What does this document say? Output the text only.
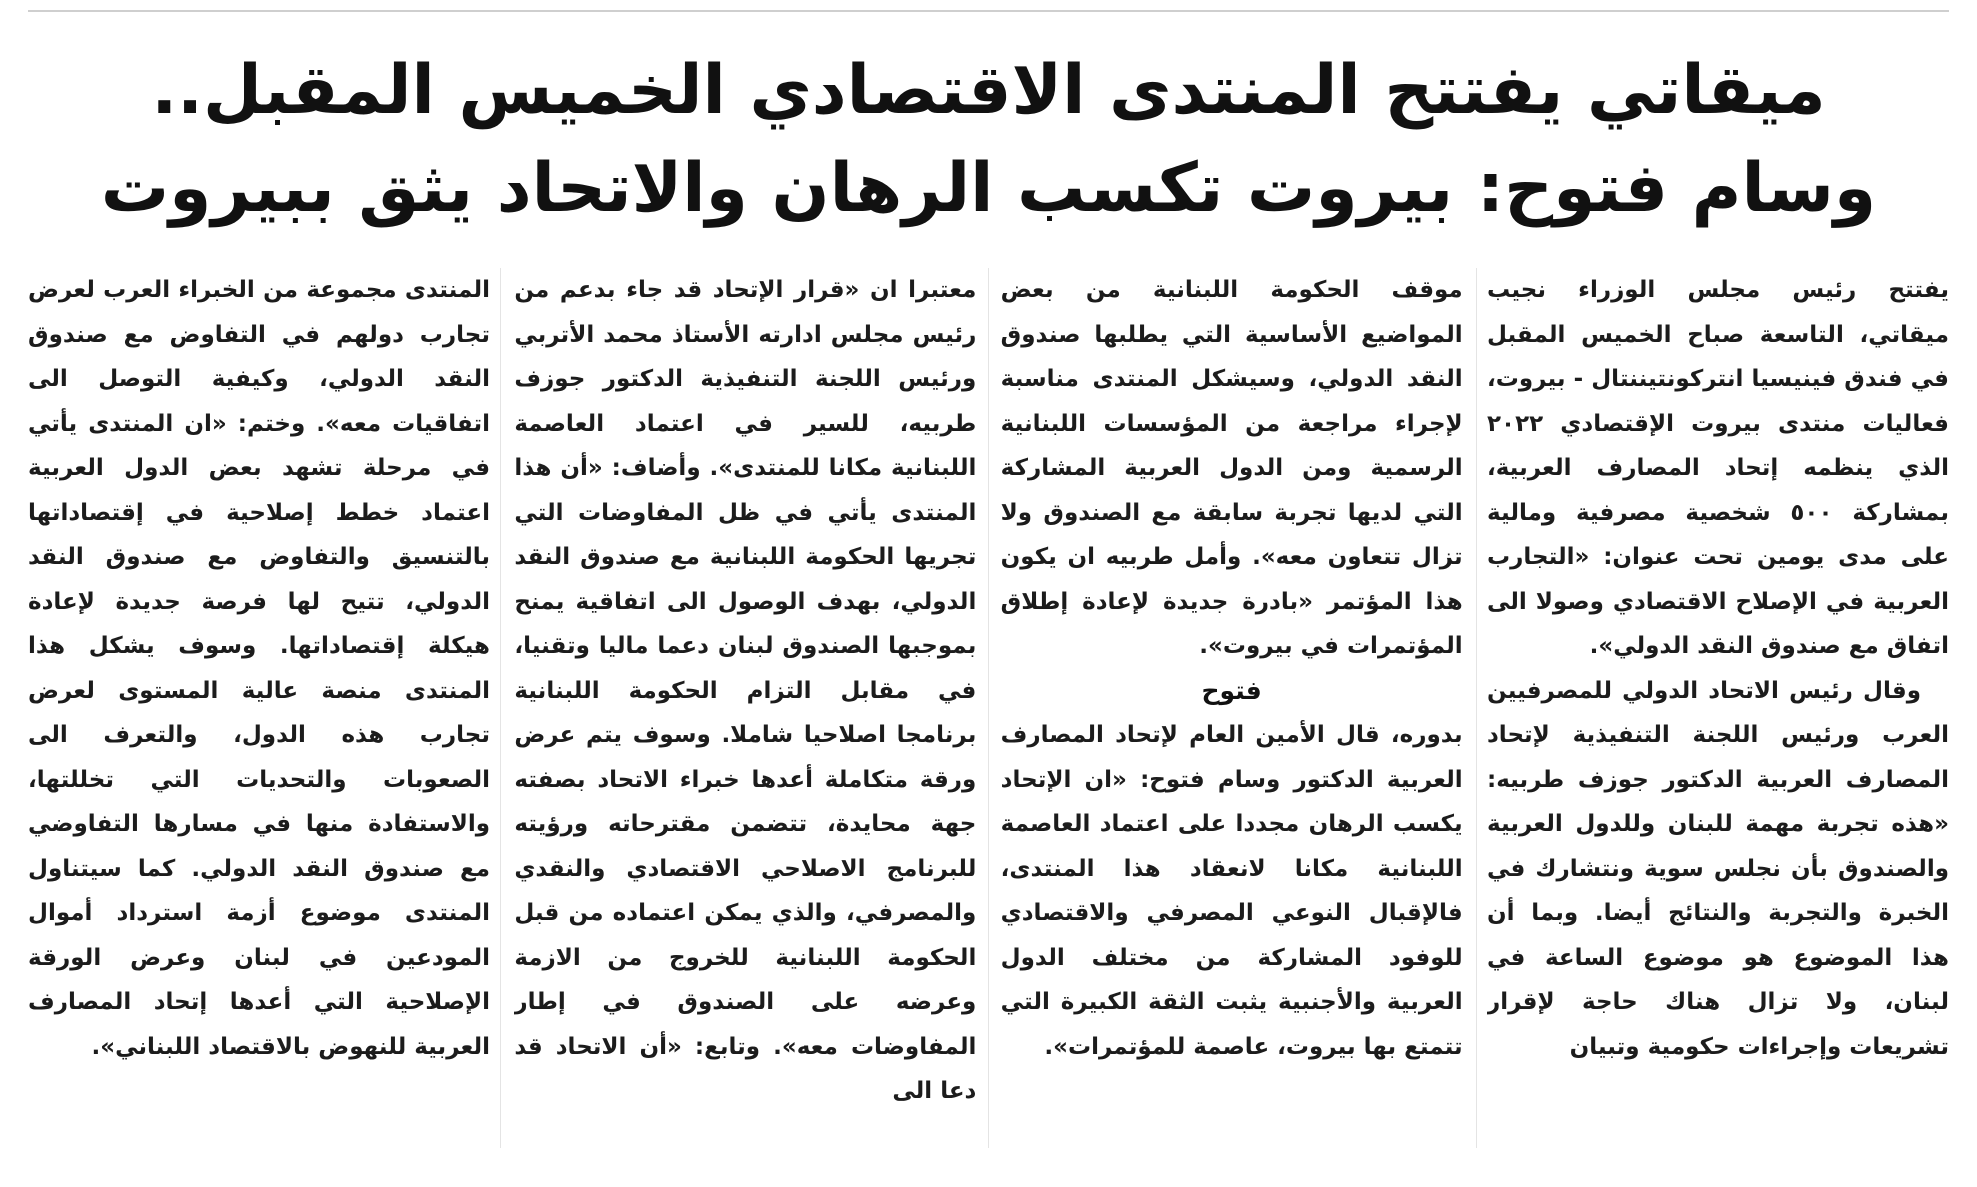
ميقاتي يفتتح المنتدى الاقتصادي الخميس المقبل..
وسام فتوح: بيروت تكسب الرهان والاتحاد يثق ببيروت

يفتتح رئيس مجلس الوزراء نجيب ميقاتي، التاسعة صباح الخميس المقبل في فندق فينيسيا انتركونتيننتال - بيروت، فعاليات منتدى بيروت الإقتصادي ٢٠٢٢ الذي ينظمه إتحاد المصارف العربية، بمشاركة ٥٠٠ شخصية مصرفية ومالية على مدى يومين تحت عنوان: «التجارب العربية في الإصلاح الاقتصادي وصولا الى اتفاق مع صندوق النقد الدولي».

وقال رئيس الاتحاد الدولي للمصرفيين العرب ورئيس اللجنة التنفيذية لإتحاد المصارف العربية الدكتور جوزف طربيه: «هذه تجربة مهمة للبنان وللدول العربية والصندوق بأن نجلس سوية ونتشارك في الخبرة والتجربة والنتائج أيضا. وبما أن هذا الموضوع هو موضوع الساعة في لبنان، ولا تزال هناك حاجة لإقرار تشريعات وإجراءات حكومية وتبيان

موقف الحكومة اللبنانية من بعض المواضيع الأساسية التي يطلبها صندوق النقد الدولي، وسيشكل المنتدى مناسبة لإجراء مراجعة من المؤسسات اللبنانية الرسمية ومن الدول العربية المشاركة التي لديها تجربة سابقة مع الصندوق ولا تزال تتعاون معه». وأمل طربيه ان يكون هذا المؤتمر «بادرة جديدة لإعادة إطلاق المؤتمرات في بيروت».

فتوح

بدوره، قال الأمين العام لإتحاد المصارف العربية الدكتور وسام فتوح: «ان الإتحاد يكسب الرهان مجددا على اعتماد العاصمة اللبنانية مكانا لانعقاد هذا المنتدى، فالإقبال النوعي المصرفي والاقتصادي للوفود المشاركة من مختلف الدول العربية والأجنبية يثبت الثقة الكبيرة التي تتمتع بها بيروت، عاصمة للمؤتمرات».

معتبرا ان «قرار الإتحاد قد جاء بدعم من رئيس مجلس ادارته الأستاذ محمد الأتربي ورئيس اللجنة التنفيذية الدكتور جوزف طربيه، للسير في اعتماد العاصمة اللبنانية مكانا للمنتدى». وأضاف: «أن هذا المنتدى يأتي في ظل المفاوضات التي تجريها الحكومة اللبنانية مع صندوق النقد الدولي، بهدف الوصول الى اتفاقية يمنح بموجبها الصندوق لبنان دعما ماليا وتقنيا، في مقابل التزام الحكومة اللبنانية برنامجا اصلاحيا شاملا. وسوف يتم عرض ورقة متكاملة أعدها خبراء الاتحاد بصفته جهة محايدة، تتضمن مقترحاته ورؤيته للبرنامج الاصلاحي الاقتصادي والنقدي والمصرفي، والذي يمكن اعتماده من قبل الحكومة اللبنانية للخروج من الازمة وعرضه على الصندوق في إطار المفاوضات معه». وتابع: «أن الاتحاد قد دعا الى

المنتدى مجموعة من الخبراء العرب لعرض تجارب دولهم في التفاوض مع صندوق النقد الدولي، وكيفية التوصل الى اتفاقيات معه». وختم: «ان المنتدى يأتي في مرحلة تشهد بعض الدول العربية اعتماد خطط إصلاحية في إقتصاداتها بالتنسيق والتفاوض مع صندوق النقد الدولي، تتيح لها فرصة جديدة لإعادة هيكلة إقتصاداتها. وسوف يشكل هذا المنتدى منصة عالية المستوى لعرض تجارب هذه الدول، والتعرف الى الصعوبات والتحديات التي تخللتها، والاستفادة منها في مسارها التفاوضي مع صندوق النقد الدولي. كما سيتناول المنتدى موضوع أزمة استرداد أموال المودعين في لبنان وعرض الورقة الإصلاحية التي أعدها إتحاد المصارف العربية للنهوض بالاقتصاد اللبناني».
